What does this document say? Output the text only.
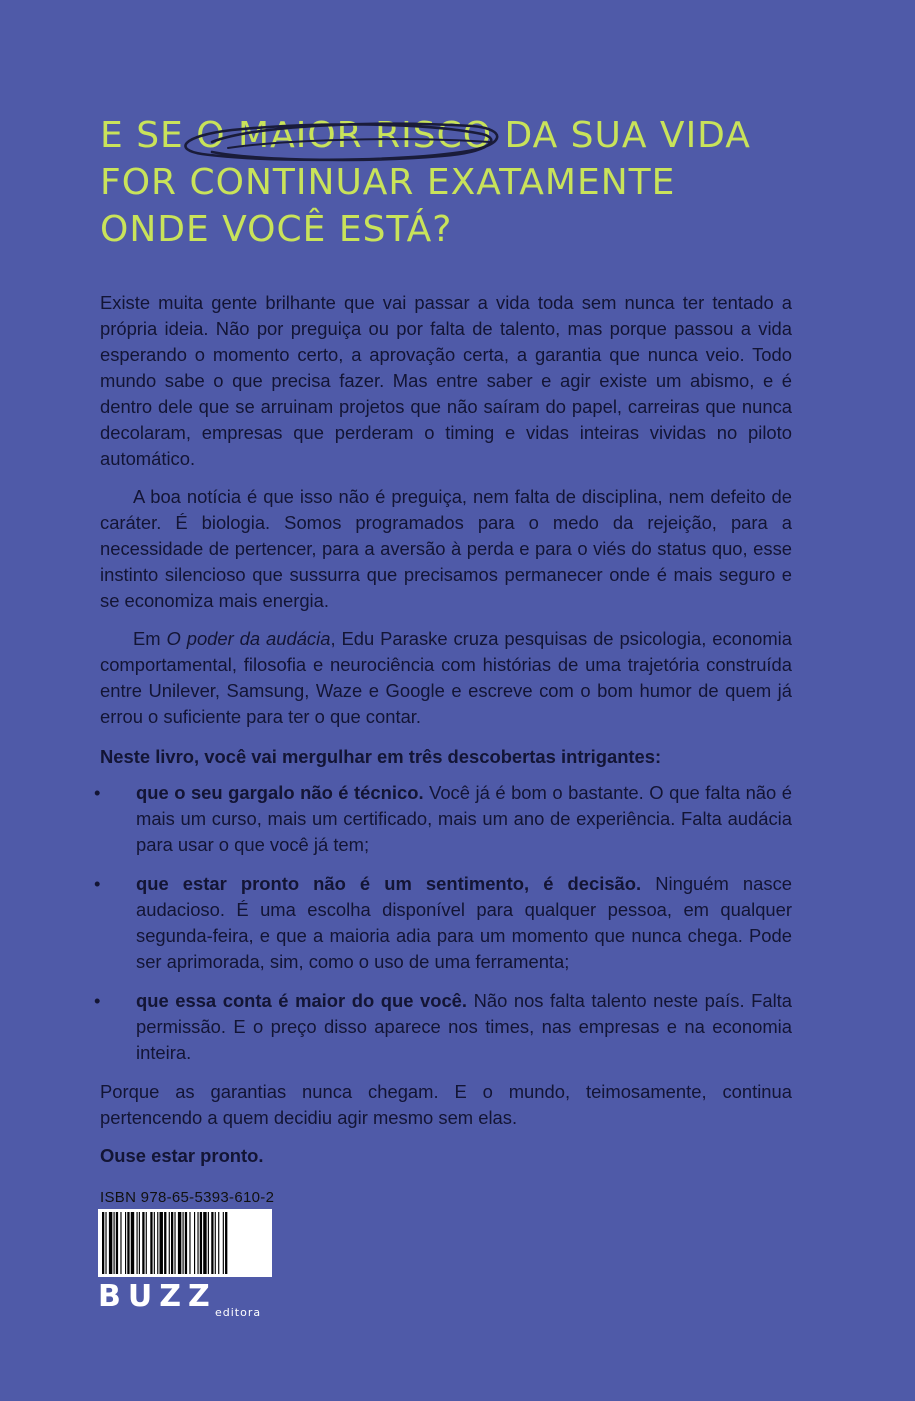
E SE O MAIOR RISCO DA SUA VIDA
FOR CONTINUAR EXATAMENTE
ONDE VOCÊ ESTÁ?

Existe muita gente brilhante que vai passar a vida toda sem nunca ter tentado a própria ideia. Não por preguiça ou por falta de talento, mas porque passou a vida esperando o momento certo, a aprovação certa, a garantia que nunca veio. Todo mundo sabe o que precisa fazer. Mas entre saber e agir existe um abismo, e é dentro dele que se arruinam projetos que não saíram do papel, carreiras que nunca decolaram, empresas que perderam o timing e vidas inteiras vividas no piloto automático.

A boa notícia é que isso não é preguiça, nem falta de disciplina, nem defeito de caráter. É biologia. Somos programados para o medo da rejeição, para a necessidade de pertencer, para a aversão à perda e para o viés do status quo, esse instinto silencioso que sussurra que precisamos permanecer onde é mais seguro e se economiza mais energia.

Em O poder da audácia, Edu Paraske cruza pesquisas de psicologia, economia comportamental, filosofia e neurociência com histórias de uma trajetória construída entre Unilever, Samsung, Waze e Google e escreve com o bom humor de quem já errou o suficiente para ter o que contar.

Neste livro, você vai mergulhar em três descobertas intrigantes:

• que o seu gargalo não é técnico. Você já é bom o bastante. O que falta não é mais um curso, mais um certificado, mais um ano de experiência. Falta audácia para usar o que você já tem;
• que estar pronto não é um sentimento, é decisão. Ninguém nasce audacioso. É uma escolha disponível para qualquer pessoa, em qualquer segunda-feira, e que a maioria adia para um momento que nunca chega. Pode ser aprimorada, sim, como o uso de uma ferramenta;
• que essa conta é maior do que você. Não nos falta talento neste país. Falta permissão. E o preço disso aparece nos times, nas empresas e na economia inteira.

Porque as garantias nunca chegam. E o mundo, teimosamente, continua pertencendo a quem decidiu agir mesmo sem elas.

Ouse estar pronto.

ISBN 978-65-5393-610-2
BUZZ
editora
